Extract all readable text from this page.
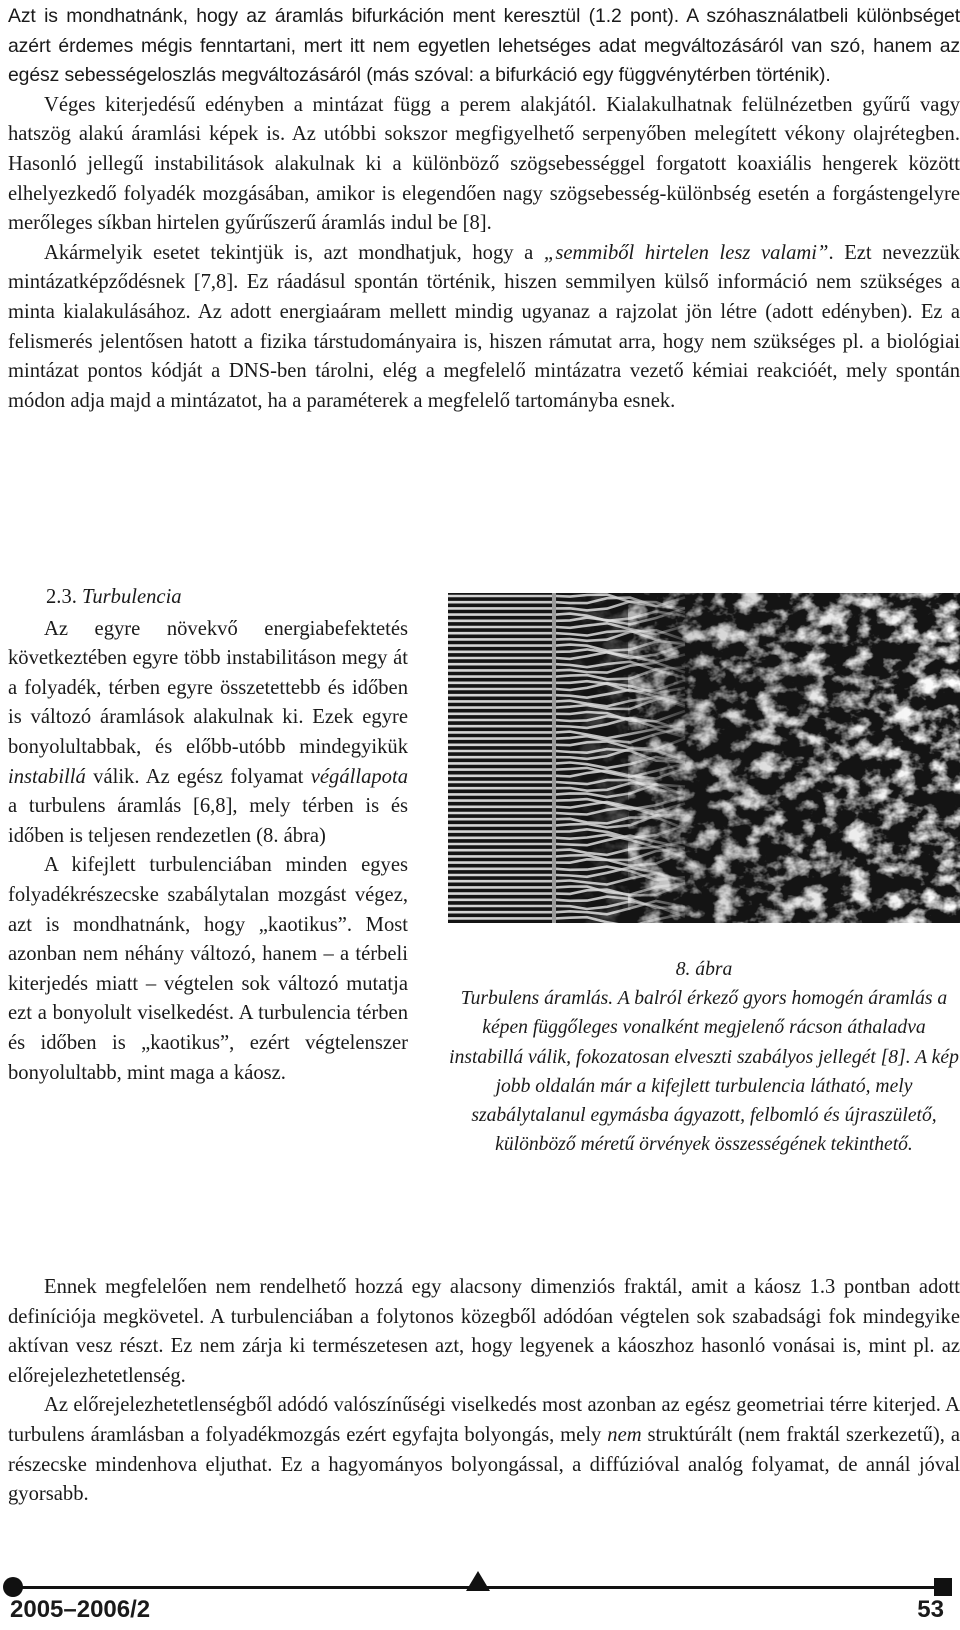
Azt is mondhatnánk, hogy az áramlás bifurkáción ment keresztül (1.2 pont). A szóhasználatbeli különbséget azért érdemes mégis fenntartani, mert itt nem egyetlen lehetséges adat megváltozásáról van szó, hanem az egész sebességeloszlás megváltozásáról (más szóval: a bifurkáció egy függvénytérben történik).

Véges kiterjedésű edényben a mintázat függ a perem alakjától. Kialakulhatnak felülnézetben gyűrű vagy hatszög alakú áramlási képek is. Az utóbbi sokszor megfigyelhető serpenyőben melegített vékony olajrétegben. Hasonló jellegű instabilitások alakulnak ki a különböző szögsebességgel forgatott koaxiális hengerek között elhelyezkedő folyadék mozgásában, amikor is elegendően nagy szögsebesség-különbség esetén a forgástengelyre merőleges síkban hirtelen gyűrűszerű áramlás indul be [8].

Akármelyik esetet tekintjük is, azt mondhatjuk, hogy a „semmiből hirtelen lesz valami”. Ezt nevezzük mintázatképződésnek [7,8]. Ez ráadásul spontán történik, hiszen semmilyen külső információ nem szükséges a minta kialakulásához. Az adott energiaáram mellett mindig ugyanaz a rajzolat jön létre (adott edényben). Ez a felismerés jelentősen hatott a fizika társtudományaira is, hiszen rámutat arra, hogy nem szükséges pl. a biológiai mintázat pontos kódját a DNS-ben tárolni, elég a megfelelő mintázatra vezető kémiai reakcióét, mely spontán módon adja majd a mintázatot, ha a paraméterek a megfelelő tartományba esnek.

2.3. Turbulencia

Az egyre növekvő energiabefektetés következtében egyre több instabilitáson megy át a folyadék, térben egyre összetettebb és időben is változó áramlások alakulnak ki. Ezek egyre bonyolultabbak, és előbb-utóbb mindegyikük instabillá válik. Az egész folyamat végállapota a turbulens áramlás [6,8], mely térben is és időben is teljesen rendezetlen (8. ábra)

A kifejlett turbulenciában minden egyes folyadékrészecske szabálytalan mozgást végez, azt is mondhatnánk, hogy „kaotikus”. Most azonban nem néhány változó, hanem – a térbeli kiterjedés miatt – végtelen sok változó mutatja ezt a bonyolult viselkedést. A turbulencia térben és időben is „kaotikus”, ezért végtelenszer bonyolultabb, mint maga a káosz.

8. ábra
Turbulens áramlás. A balról érkező gyors homogén áramlás a képen függőleges vonalként megjelenő rácson áthaladva instabillá válik, fokozatosan elveszti szabályos jellegét [8]. A kép jobb oldalán már a kifejlett turbulencia látható, mely szabálytalanul egymásba ágyazott, felbomló és újraszülető, különböző méretű örvények összességének tekinthető.

Ennek megfelelően nem rendelhető hozzá egy alacsony dimenziós fraktál, amit a káosz 1.3 pontban adott definíciója megkövetel. A turbulenciában a folytonos közegből adódóan végtelen sok szabadsági fok mindegyike aktívan vesz részt. Ez nem zárja ki természetesen azt, hogy legyenek a káoszhoz hasonló vonásai is, mint pl. az előrejelezhetetlenség.

Az előrejelezhetetlenségből adódó valószínűségi viselkedés most azonban az egész geometriai térre kiterjed. A turbulens áramlásban a folyadékmozgás ezért egyfajta bolyongás, mely nem struktúrált (nem fraktál szerkezetű), a részecske mindenhova eljuthat. Ez a hagyományos bolyongással, a diffúzióval analóg folyamat, de annál jóval gyorsabb.

2005–2006/2	53
